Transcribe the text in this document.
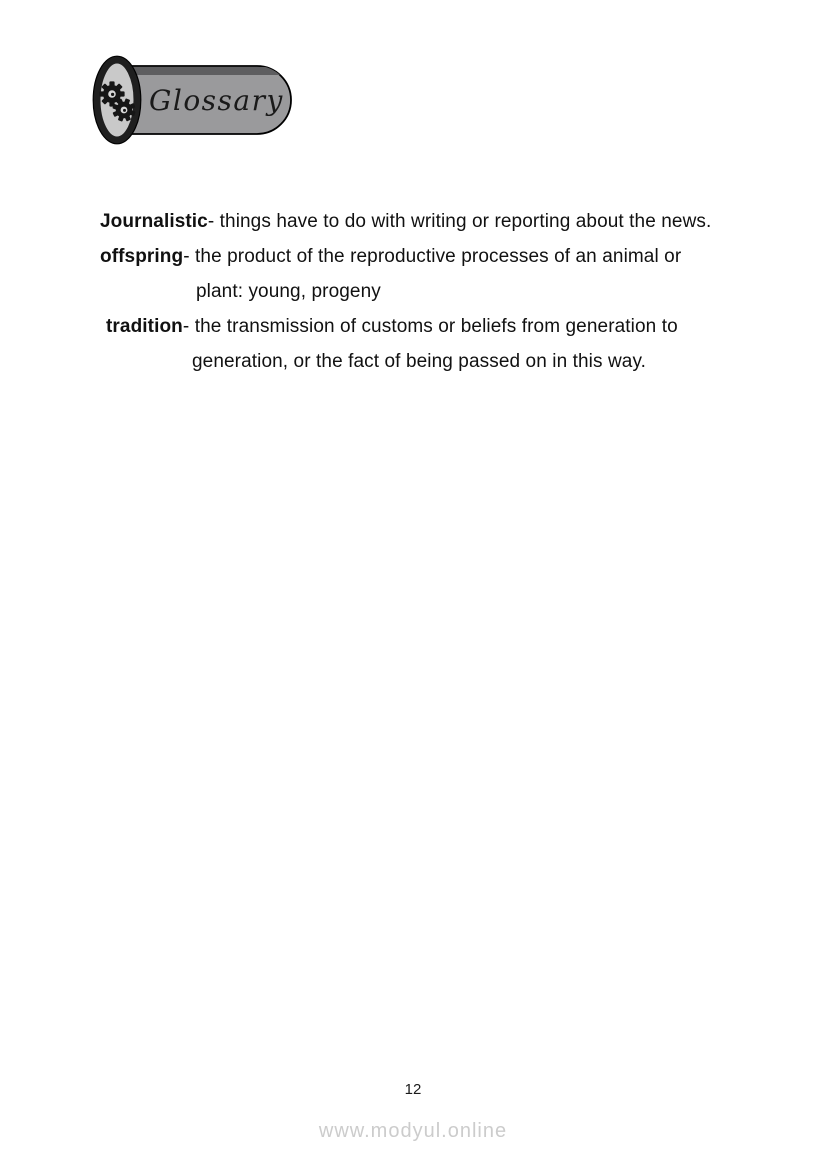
Glossary
Journalistic- things have to do with writing or reporting about the news.
offspring- the product of the reproductive processes of an animal or
plant: young, progeny
tradition- the transmission of customs or beliefs from generation to
generation, or the fact of being passed on in this way.
12
www.modyul.online
